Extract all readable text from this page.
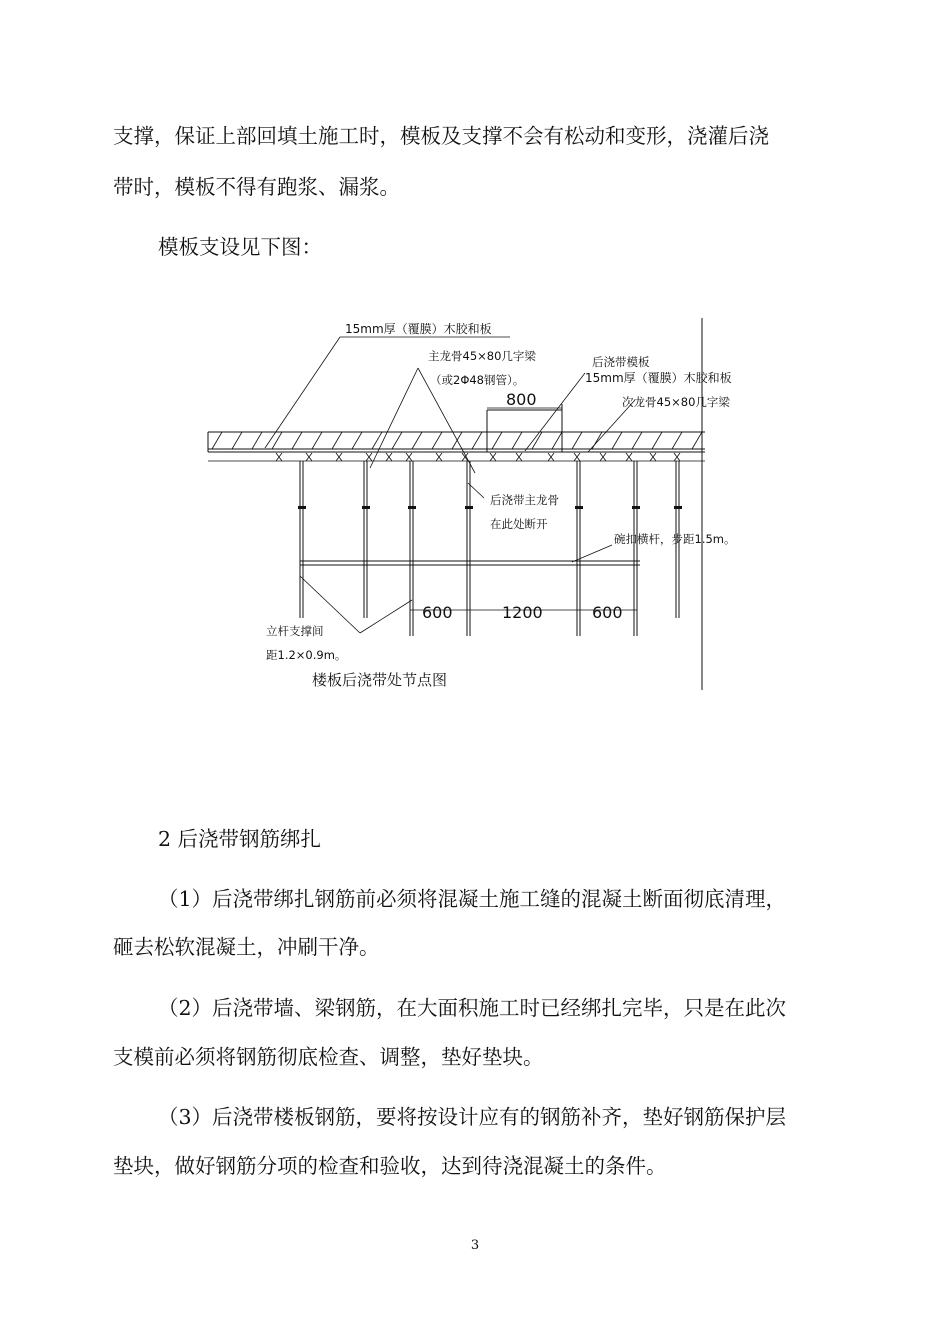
支撑，保证上部回填土施工时，模板及支撑不会有松动和变形，浇灌后浇

带时，模板不得有跑浆、漏浆。

模板支设见下图：

15mm厚（覆膜）木胶和板
主龙骨45×80几字梁
（或2Φ48钢管）。
后浇带模板
15mm厚（覆膜）木胶和板
次龙骨45×80几字梁
800
后浇带主龙骨
在此处断开
碗扣横杆，步距1.5m。
600	1200	600
立杆支撑间
距1.2×0.9m。
楼板后浇带处节点图

2 后浇带钢筋绑扎

（1）后浇带绑扎钢筋前必须将混凝土施工缝的混凝土断面彻底清理，

砸去松软混凝土，冲刷干净。

（2）后浇带墙、梁钢筋，在大面积施工时已经绑扎完毕，只是在此次

支模前必须将钢筋彻底检查、调整，垫好垫块。

（3）后浇带楼板钢筋，要将按设计应有的钢筋补齐，垫好钢筋保护层

垫块，做好钢筋分项的检查和验收，达到待浇混凝土的条件。

3
